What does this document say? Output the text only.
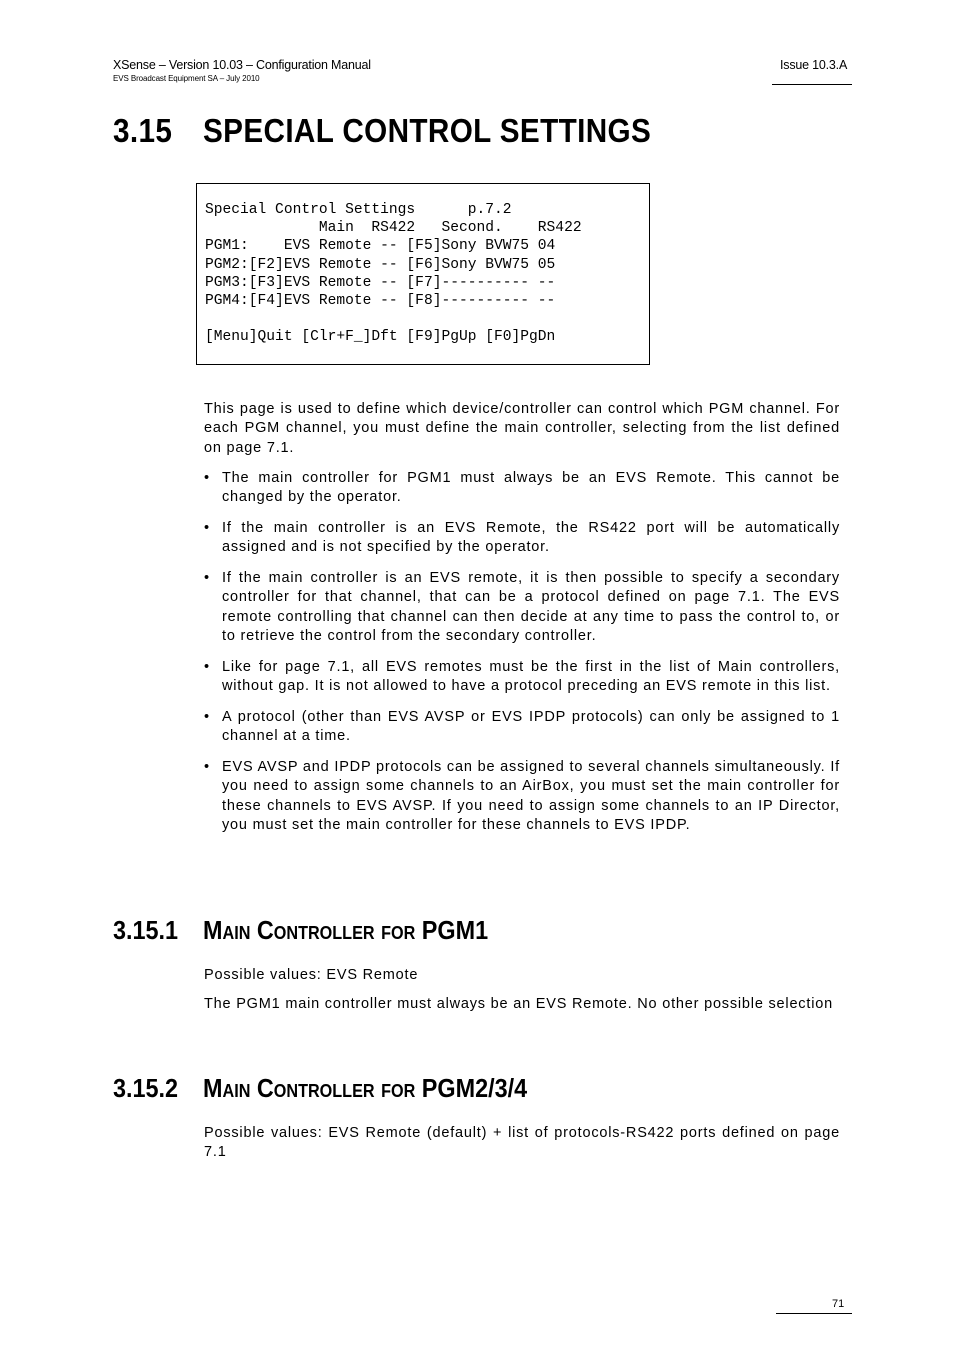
XSense – Version 10.03 – Configuration Manual
EVS Broadcast Equipment SA – July 2010
Issue 10.3.A
3.15 SPECIAL CONTROL SETTINGS
Special Control Settings      p.7.2
Main  RS422   Second.    RS422
PGM1:    EVS Remote -- [F5]Sony BVW75 04
PGM2:[F2]EVS Remote -- [F6]Sony BVW75 05
PGM3:[F3]EVS Remote -- [F7]---------- --
PGM4:[F4]EVS Remote -- [F8]---------- --

[Menu]Quit [Clr+F_]Dft [F9]PgUp [F0]PgDn

This page is used to define which device/controller can control which PGM channel. For each PGM channel, you must define the main controller, selecting from the list defined on page 7.1.

• The main controller for PGM1 must always be an EVS Remote. This cannot be changed by the operator.
• If the main controller is an EVS Remote, the RS422 port will be automatically assigned and is not specified by the operator.
• If the main controller is an EVS remote, it is then possible to specify a secondary controller for that channel, that can be a protocol defined on page 7.1. The EVS remote controlling that channel can then decide at any time to pass the control to, or to retrieve the control from the secondary controller.
• Like for page 7.1, all EVS remotes must be the first in the list of Main controllers, without gap. It is not allowed to have a protocol preceding an EVS remote in this list.
• A protocol (other than EVS AVSP or EVS IPDP protocols) can only be assigned to 1 channel at a time.
• EVS AVSP and IPDP protocols can be assigned to several channels simultaneously. If you need to assign some channels to an AirBox, you must set the main controller for these channels to EVS AVSP. If you need to assign some channels to an IP Director, you must set the main controller for these channels to EVS IPDP.
3.15.1 Main Controller for PGM1

Possible values: EVS Remote

The PGM1 main controller must always be an EVS Remote. No other possible selection

3.15.2 Main Controller for PGM2/3/4

Possible values: EVS Remote (default) + list of protocols-RS422 ports defined on page 7.1

71
